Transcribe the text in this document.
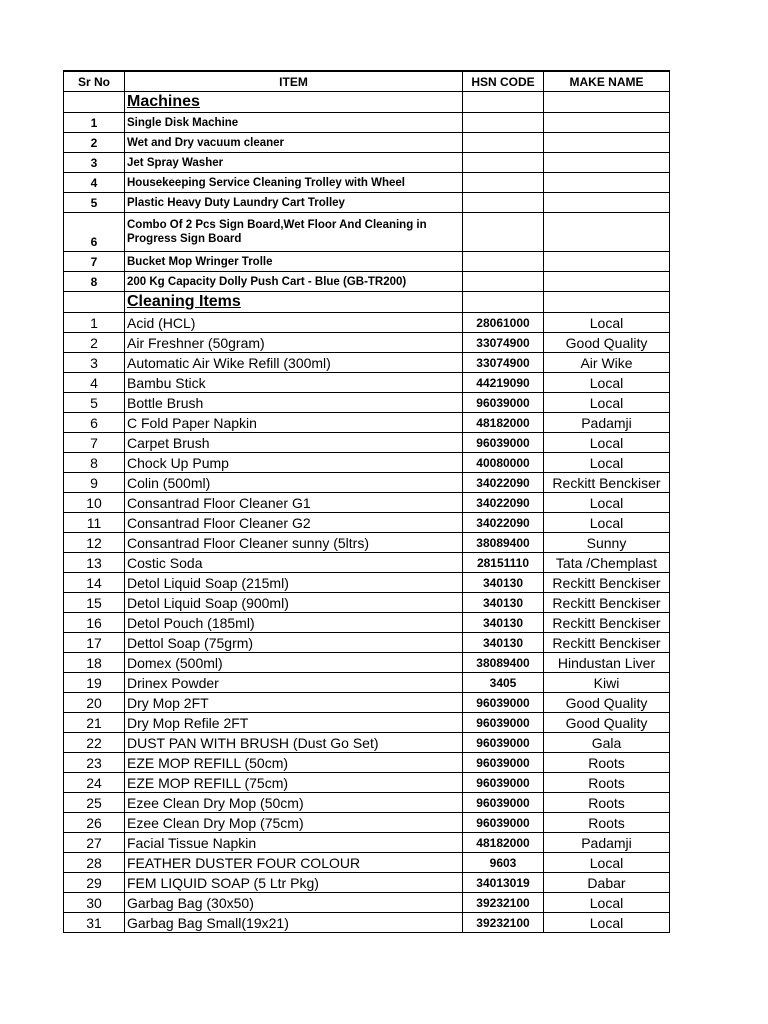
Sr No	ITEM	HSN CODE	MAKE NAME
	Machines		
1	Single Disk Machine		
2	Wet and Dry vacuum cleaner		
3	Jet Spray Washer		
4	Housekeeping Service Cleaning Trolley with Wheel		
5	Plastic Heavy Duty Laundry Cart Trolley		
6	Combo Of 2 Pcs Sign Board,Wet Floor And Cleaning in Progress Sign Board		
7	Bucket Mop Wringer Trolle		
8	200 Kg Capacity Dolly Push Cart - Blue (GB-TR200)		
	Cleaning Items		
1	Acid (HCL)	28061000	Local
2	Air Freshner (50gram)	33074900	Good Quality
3	Automatic Air Wike Refill (300ml)	33074900	Air Wike
4	Bambu Stick	44219090	Local
5	Bottle Brush	96039000	Local
6	C Fold Paper Napkin	48182000	Padamji
7	Carpet Brush	96039000	Local
8	Chock Up Pump	40080000	Local
9	Colin (500ml)	34022090	Reckitt Benckiser
10	Consantrad Floor Cleaner G1	34022090	Local
11	Consantrad Floor Cleaner G2	34022090	Local
12	Consantrad Floor Cleaner sunny (5ltrs)	38089400	Sunny
13	Costic Soda	28151110	Tata /Chemplast
14	Detol Liquid Soap (215ml)	340130	Reckitt Benckiser
15	Detol Liquid Soap (900ml)	340130	Reckitt Benckiser
16	Detol Pouch (185ml)	340130	Reckitt Benckiser
17	Dettol Soap (75grm)	340130	Reckitt Benckiser
18	Domex (500ml)	38089400	Hindustan Liver
19	Drinex Powder	3405	Kiwi
20	Dry Mop 2FT	96039000	Good Quality
21	Dry Mop Refile 2FT	96039000	Good Quality
22	DUST PAN WITH BRUSH (Dust Go Set)	96039000	Gala
23	EZE MOP REFILL (50cm)	96039000	Roots
24	EZE MOP REFILL (75cm)	96039000	Roots
25	Ezee Clean Dry Mop (50cm)	96039000	Roots
26	Ezee Clean Dry Mop (75cm)	96039000	Roots
27	Facial Tissue Napkin	48182000	Padamji
28	FEATHER DUSTER FOUR COLOUR	9603	Local
29	FEM LIQUID SOAP (5 Ltr Pkg)	34013019	Dabar
30	Garbag Bag (30x50)	39232100	Local
31	Garbag Bag Small(19x21)	39232100	Local
